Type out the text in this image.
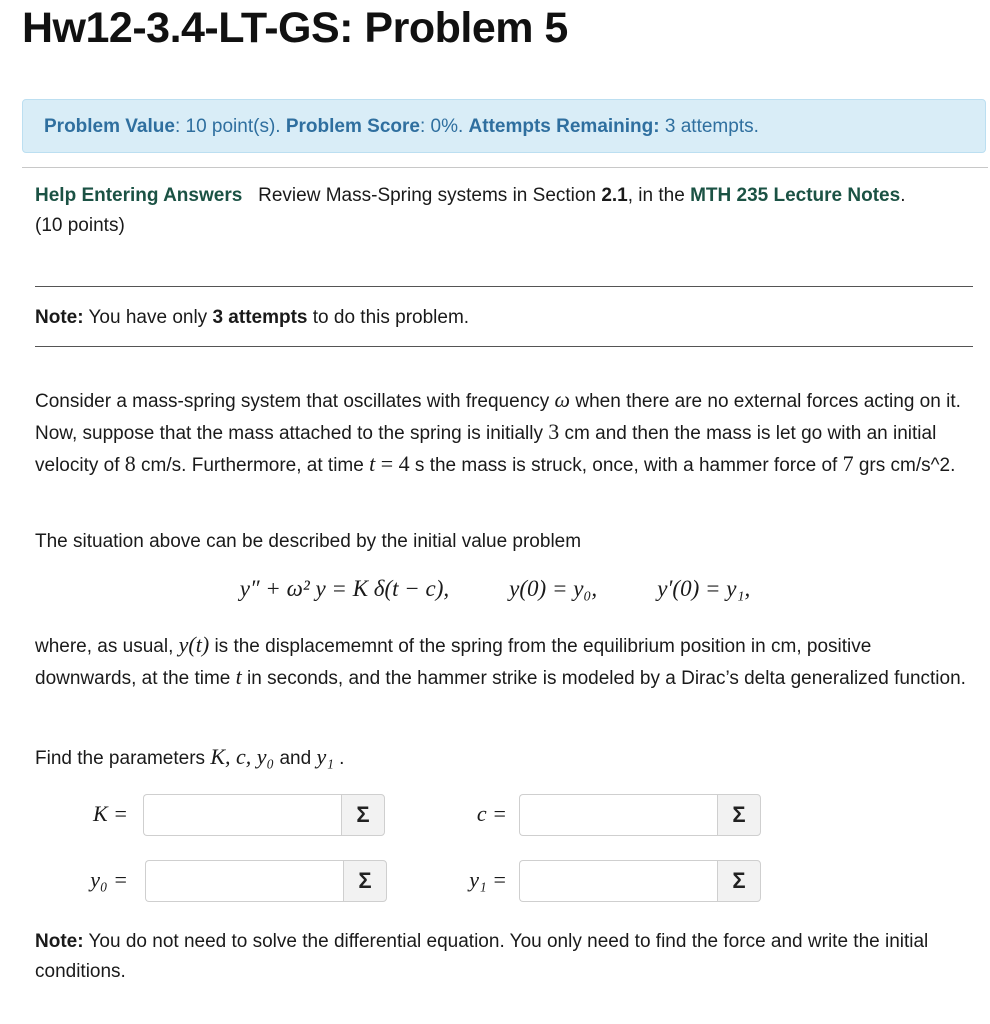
Hw12-3.4-LT-GS: Problem 5
Problem Value: 10 point(s). Problem Score: 0%. Attempts Remaining: 3 attempts.
Help Entering Answers Review Mass-Spring systems in Section 2.1, in the MTH 235 Lecture Notes.
(10 points)
Note: You have only 3 attempts to do this problem.
Consider a mass-spring system that oscillates with frequency ω when there are no external forces acting on it. Now, suppose that the mass attached to the spring is initially 3 cm and then the mass is let go with an initial velocity of 8 cm/s. Furthermore, at time t = 4 s the mass is struck, once, with a hammer force of 7 grs cm/s^2.
The situation above can be described by the initial value problem
y″ + ω² y = K δ(t − c),	y(0) = y₀,	y′(0) = y₁,
where, as usual, y(t) is the displacememnt of the spring from the equilibrium position in cm, positive downwards, at the time t in seconds, and the hammer strike is modeled by a Dirac’s delta generalized function.
Find the parameters K, c, y₀ and y₁ .
K =	Σ	c =	Σ
y₀ =	Σ	y₁ =	Σ
Note: You do not need to solve the differential equation. You only need to find the force and write the initial conditions.
